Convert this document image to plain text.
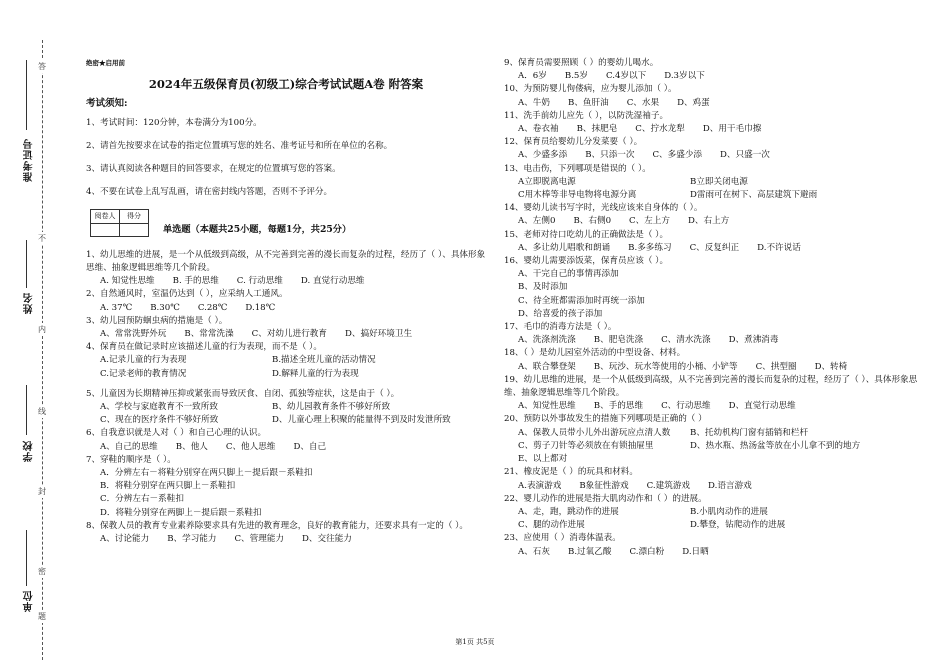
答
不
内
线
封
密
题
准考证号
姓名
学校
单位
绝密★启用前
2024年五级保育员(初级工)综合考试试题A卷 附答案
考试须知:
1、考试时间：120分钟，本卷满分为100分。
2、请首先按要求在试卷的指定位置填写您的姓名、准考证号和所在单位的名称。
3、请认真阅读各种题目的回答要求，在规定的位置填写您的答案。
4、不要在试卷上乱写乱画，请在密封线内答题，否则不予评分。
阅卷人	得分

单选题（本题共25小题，每题1分，共25分）
1、幼儿思维的进展，是一个从低级到高级，从不完善到完善的漫长而复杂的过程，经历了（ ）、具体形象思维、抽象逻辑思维等几个阶段。
A. 知觉性思维 B. 手的思维 C. 行动思维 D. 直觉行动思维
2、自然通风时，室温仍达到（ ），应采纳人工通风。
A. 37℃ B.30℃ C.28℃ D.18℃
3、幼儿园预防蛔虫病的措施是（ ）。
A、常常洗野外玩 B、常常洗澡 C、对幼儿进行教育 D、搞好环境卫生
4、保育员在做记录时应该描述儿童的行为表现，而不是（ ）。
A.记录儿童的行为表现	B.描述全班儿童的活动情况
C.记录老师的教育情况	D.解释儿童的行为表现
5、儿童因为长期精神压抑或紧张而导致厌食、自闭、孤独等症状，这是由于（ ）。
A、学校与家庭教育不一致所致	B、幼儿园教育条件不够好所致
C、现在的医疗条件不够好所致	D、儿童心理上积聚的能量得不到及时发泄所致
6、自我意识就是人对（ ）和自己心理的认识。
A、自己的思维 B、他人 C、他人思维 D、自己
7、穿鞋的顺序是（ ）。
A．分辨左右－将鞋分别穿在两只脚上－提后跟－系鞋扣
B．将鞋分别穿在两只脚上－系鞋扣
C．分辨左右－系鞋扣
D．将鞋分别穿在两脚上－提后跟－系鞋扣
8、保教人员的教育专业素养除要求具有先进的教育理念，良好的教育能力，还要求具有一定的（ ）。
A、讨论能力 B、学习能力 C、管理能力 D、交往能力
9、保育员需要照顾（ ）的婴幼儿喝水。
A．6岁 B.5岁 C.4岁以下 D.3岁以下
10、为预防婴儿佝偻病，应为婴儿添加（ ）。
A、牛奶 B、鱼肝油 C、水果 D、鸡蛋
11、洗手前幼儿应先（ ），以防洗湿袖子。
A、卷衣袖 B、抹肥皂 C、拧水龙犁 D、用干毛巾擦
12、保育员给婴幼儿分发菜要（ ）。
A、少盛多添 B、只添一次 C、多盛少添 D、只盛一次
13、电击伤，下列哪项是错误的（ ）。
A立即脱离电源	B立即关闭电源
C用木棒等非导电物将电源分离	D雷雨可在树下、高层建筑下避雨
14、婴幼儿读书写字时，光线应该来自身体的（ ）。
A、左侧0 B、右侧0 C、左上方 D、右上方
15、老师对待口吃幼儿的正确做法是（ ）。
A、多让幼儿唱歌和朗诵 B.多多练习 C、反复纠正 D.不许说话
16、婴幼儿需要添饭菜，保育员应该（ ）。
A、干完自己的事情再添加
B、及时添加
C、待全班都需添加时再统一添加
D、给喜爱的孩子添加
17、毛巾的消毒方法是（ ）。
A、洗涤剂洗涤 B、肥皂洗涤 C、清水洗涤 D、煮沸消毒
18、（ ）是幼儿园室外活动的中型设备、材料。
A、联合攀登架 B、玩沙、玩水等使用的小桶、小铲等 C、拱型圈 D、转椅
19、幼儿思维的进展，是一个从低级到高级，从不完善到完善的漫长而复杂的过程，经历了（ ）、具体形象思维、抽象逻辑思维等几个阶段。
A、知觉性思维 B、手的思维 C、行动思维 D、直觉行动思维
20、预防以外事故发生的措施下列哪项是正确的（ ）
A、保教人员带小儿外出游玩应点清人数 B、托幼机构门窗有插销和栏杆
C、剪子刀针等必须放在有锁抽屉里	D、热水瓶、热汤盆等放在小儿拿不到的地方
E、以上都对
21、橡皮泥是（ ）的玩具和材料。
A.表演游戏 B象征性游戏 C.建筑游戏 D.语言游戏
22、婴儿动作的进展是指大肌肉动作和（ ）的进展。
A、走，跑，跳动作的进展	B.小肌肉动作的进展
C、腿的动作进展	D.攀登，钻爬动作的进展
23、应使用（ ）消毒体温表。
A、石灰 B.过氧乙酸 C.漂白粉 D.日晒
第1页 共5页
